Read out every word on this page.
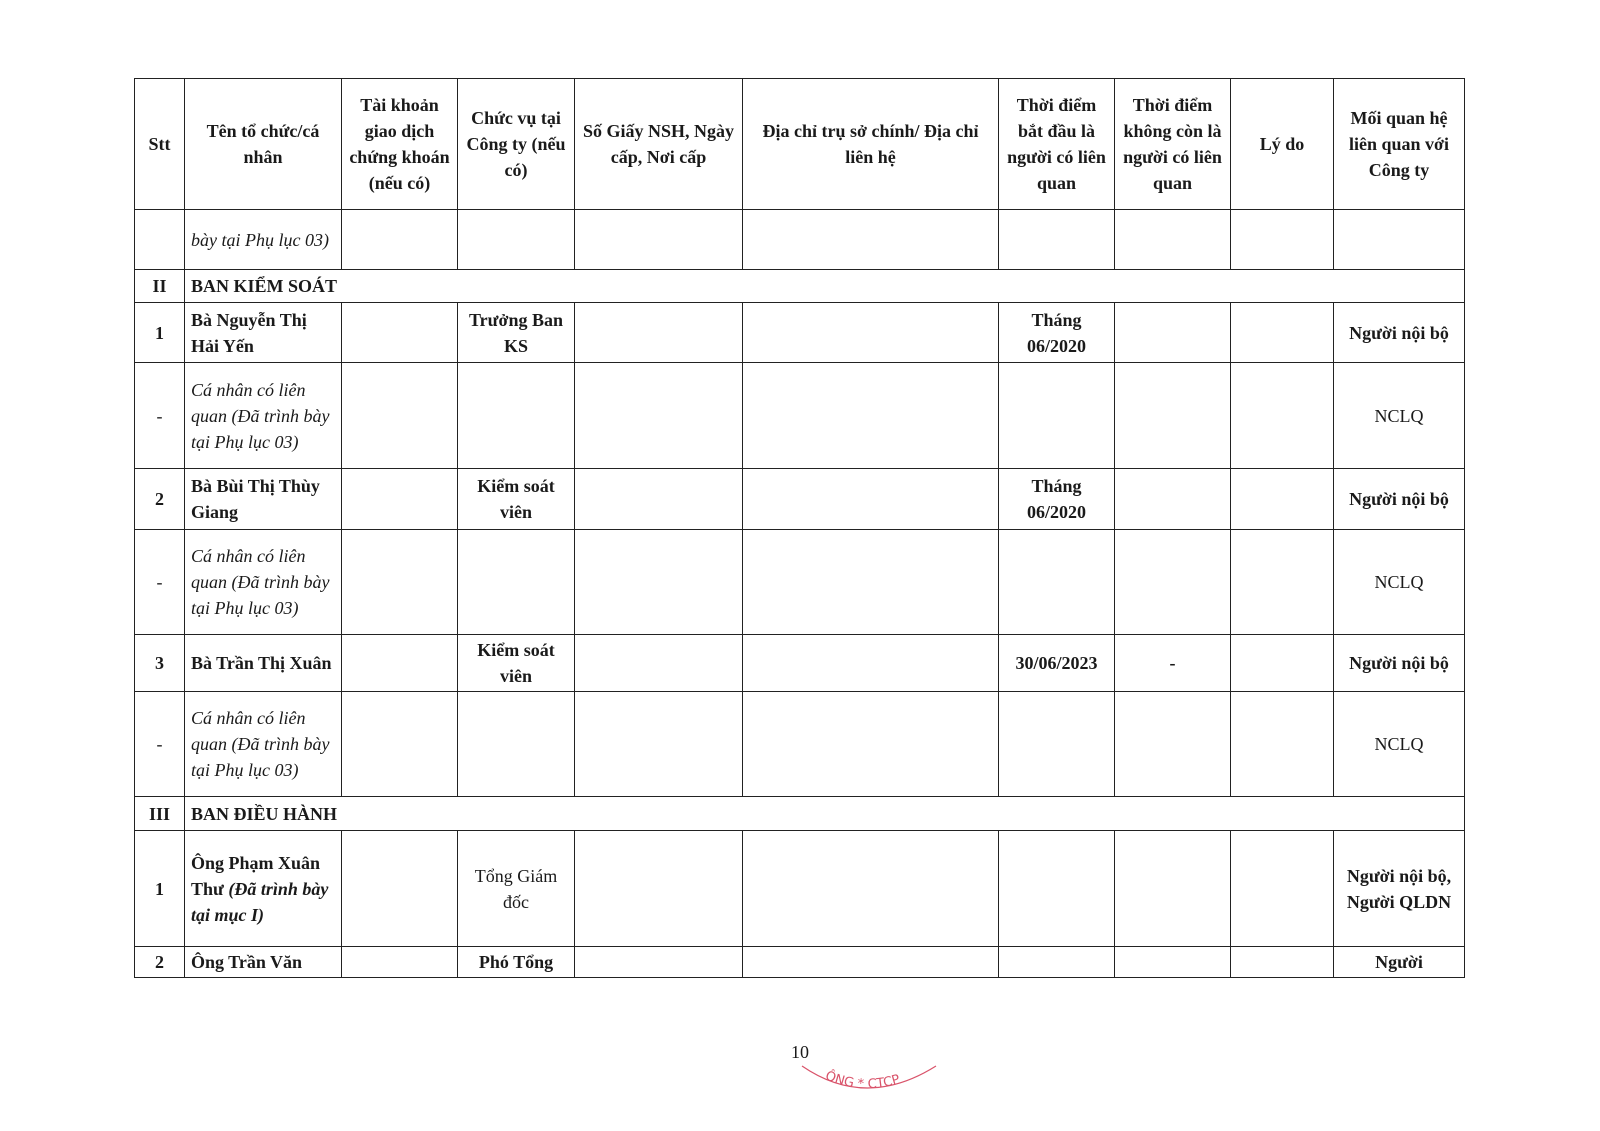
Stt	Tên tổ chức/cá nhân	Tài khoản giao dịch chứng khoán (nếu có)	Chức vụ tại Công ty (nếu có)	Số Giấy NSH, Ngày cấp, Nơi cấp	Địa chỉ trụ sở chính/ Địa chỉ liên hệ	Thời điểm bắt đầu là người có liên quan	Thời điểm không còn là người có liên quan	Lý do	Mối quan hệ liên quan với Công ty
	bày tại Phụ lục 03)								
II	BAN KIỂM SOÁT								
1	Bà Nguyễn Thị Hải Yến		Trưởng Ban KS			Tháng 06/2020			Người nội bộ
-	Cá nhân có liên quan (Đã trình bày tại Phụ lục 03)								NCLQ
2	Bà Bùi Thị Thùy Giang		Kiểm soát viên			Tháng 06/2020			Người nội bộ
-	Cá nhân có liên quan (Đã trình bày tại Phụ lục 03)								NCLQ
3	Bà Trần Thị Xuân		Kiểm soát viên			30/06/2023	-		Người nội bộ
-	Cá nhân có liên quan (Đã trình bày tại Phụ lục 03)								NCLQ
III	BAN ĐIỀU HÀNH								
1	Ông Phạm Xuân Thư (Đã trình bày tại mục I)		Tổng Giám đốc						Người nội bộ, Người QLDN
2	Ông Trần Văn		Phó Tổng						Người
10
ÔNG * CTCP
